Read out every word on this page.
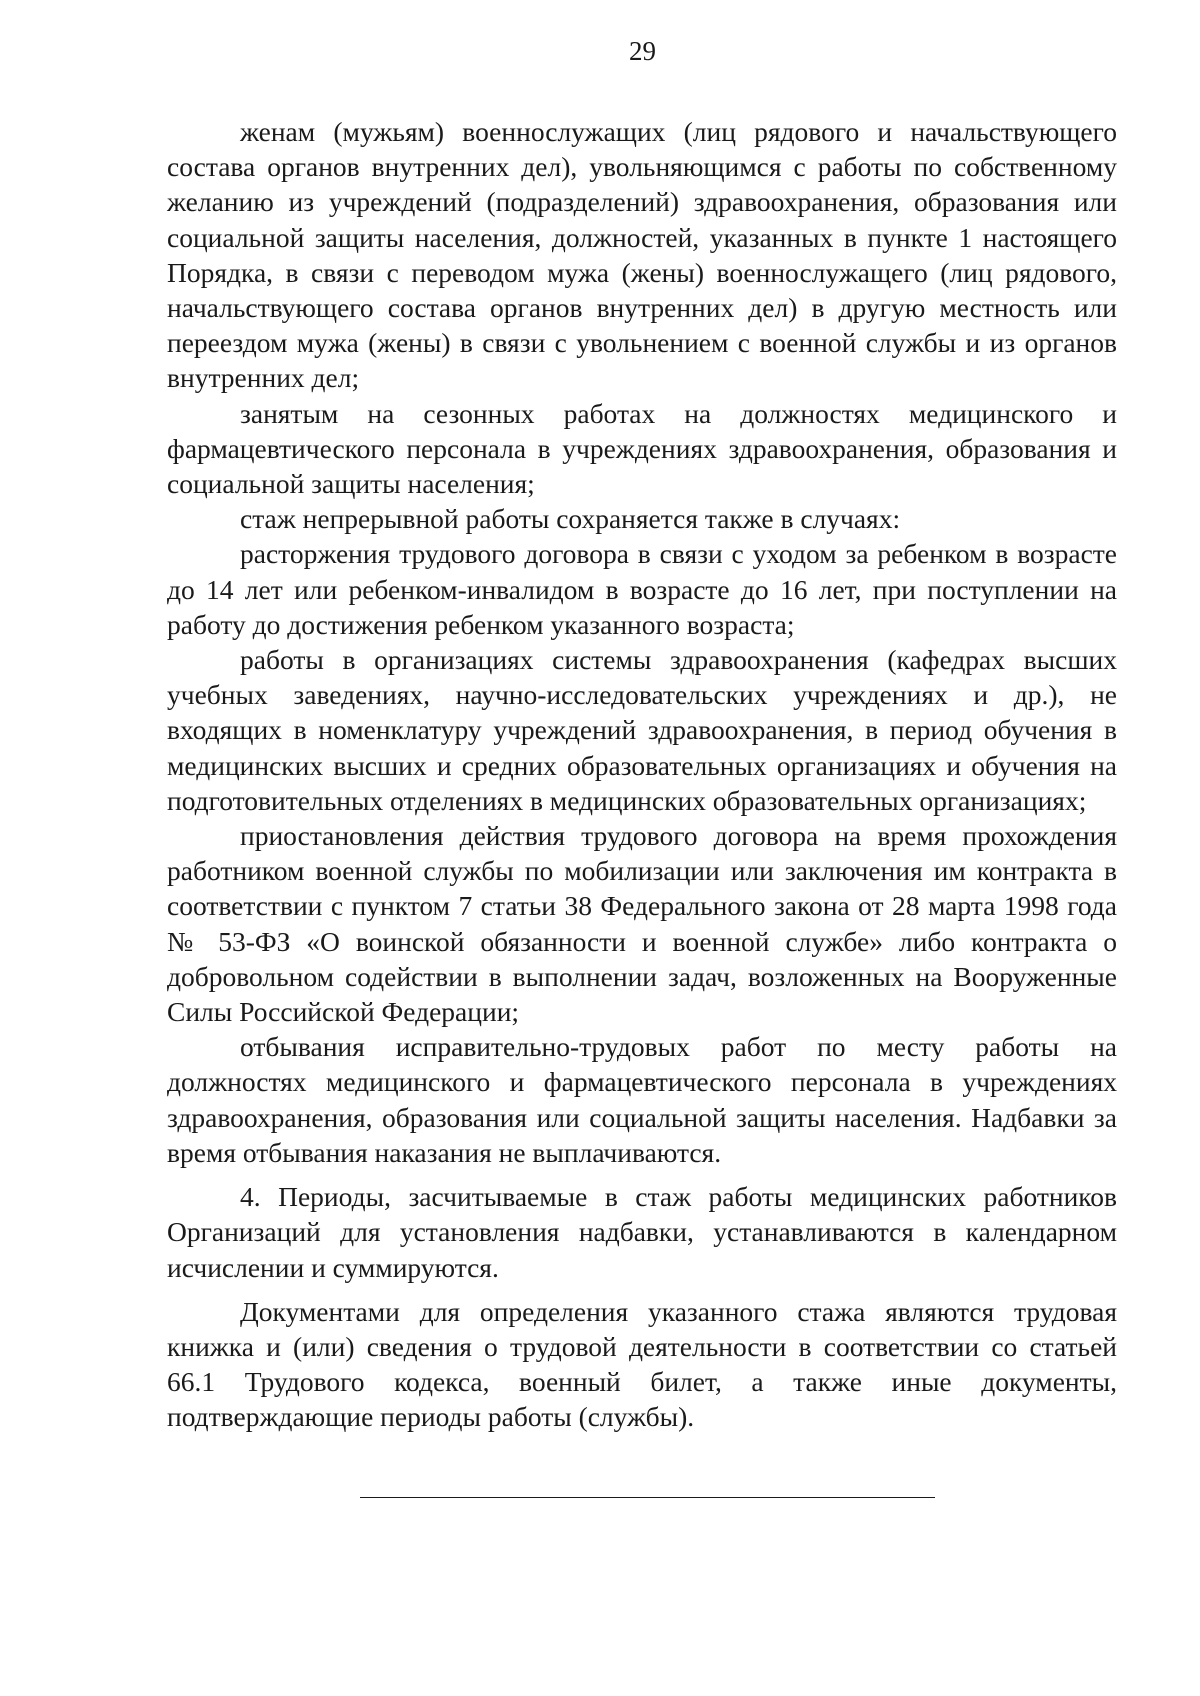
29

женам (мужьям) военнослужащих (лиц рядового и начальствующего состава органов внутренних дел), увольняющимся с работы по собственному желанию из учреждений (подразделений) здравоохранения, образования или социальной защиты населения, должностей, указанных в пункте 1 настоящего Порядка, в связи с переводом мужа (жены) военнослужащего (лиц рядового, начальствующего состава органов внутренних дел) в другую местность или переездом мужа (жены) в связи с увольнением с военной службы и из органов внутренних дел;

занятым на сезонных работах на должностях медицинского и фармацевтического персонала в учреждениях здравоохранения, образования и социальной защиты населения;

стаж непрерывной работы сохраняется также в случаях:

расторжения трудового договора в связи с уходом за ребенком в возрасте до 14 лет или ребенком-инвалидом в возрасте до 16 лет, при поступлении на работу до достижения ребенком указанного возраста;

работы в организациях системы здравоохранения (кафедрах высших учебных заведениях, научно-исследовательских учреждениях и др.), не входящих в номенклатуру учреждений здравоохранения, в период обучения в медицинских высших и средних образовательных организациях и обучения на подготовительных отделениях в медицинских образовательных организациях;

приостановления действия трудового договора на время прохождения работником военной службы по мобилизации или заключения им контракта в соответствии с пунктом 7 статьи 38 Федерального закона от 28 марта 1998 года № 53-ФЗ «О воинской обязанности и военной службе» либо контракта о добровольном содействии в выполнении задач, возложенных на Вооруженные Силы Российской Федерации;

отбывания исправительно-трудовых работ по месту работы на должностях медицинского и фармацевтического персонала в учреждениях здравоохранения, образования или социальной защиты населения. Надбавки за время отбывания наказания не выплачиваются.

4. Периоды, засчитываемые в стаж работы медицинских работников Организаций для установления надбавки, устанавливаются в календарном исчислении и суммируются.

Документами для определения указанного стажа являются трудовая книжка и (или) сведения о трудовой деятельности в соответствии со статьей 66.1 Трудового кодекса, военный билет, а также иные документы, подтверждающие периоды работы (службы).
